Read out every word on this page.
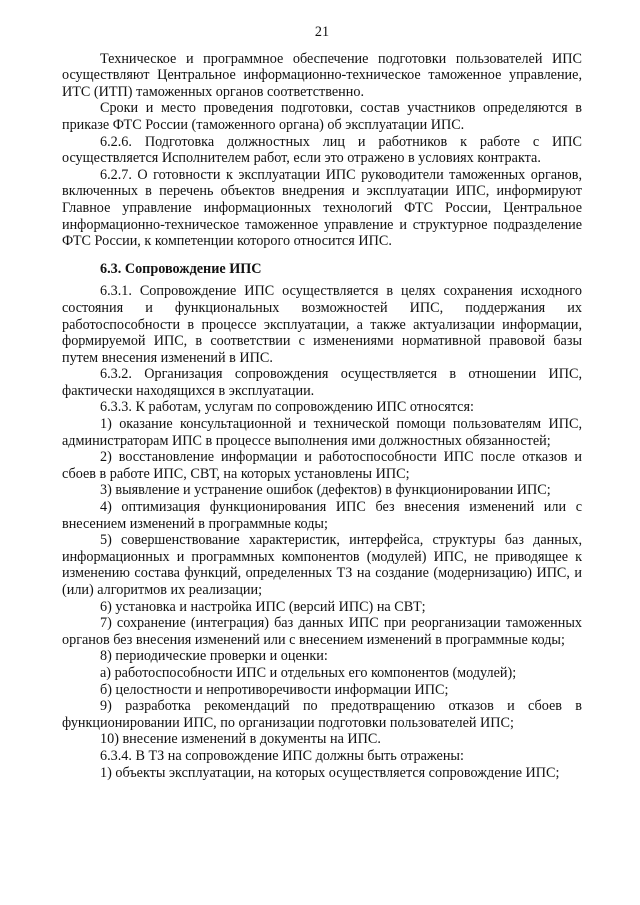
21

Техническое и программное обеспечение подготовки пользователей ИПС осуществляют Центральное информационно-техническое таможенное управление, ИТС (ИТП) таможенных органов соответственно.

Сроки и место проведения подготовки, состав участников определяются в приказе ФТС России (таможенного органа) об эксплуатации ИПС.

6.2.6. Подготовка должностных лиц и работников к работе с ИПС осуществляется Исполнителем работ, если это отражено в условиях контракта.

6.2.7. О готовности к эксплуатации ИПС руководители таможенных органов, включенных в перечень объектов внедрения и эксплуатации ИПС, информируют Главное управление информационных технологий ФТС России, Центральное информационно-техническое таможенное управление и структурное подразделение ФТС России, к компетенции которого относится ИПС.

6.3. Сопровождение ИПС

6.3.1. Сопровождение ИПС осуществляется в целях сохранения исходного состояния и функциональных возможностей ИПС, поддержания их работоспособности в процессе эксплуатации, а также актуализации информации, формируемой ИПС, в соответствии с изменениями нормативной правовой базы путем внесения изменений в ИПС.

6.3.2. Организация сопровождения осуществляется в отношении ИПС, фактически находящихся в эксплуатации.

6.3.3. К работам, услугам по сопровождению ИПС относятся:

1) оказание консультационной и технической помощи пользователям ИПС, администраторам ИПС в процессе выполнения ими должностных обязанностей;

2) восстановление информации и работоспособности ИПС после отказов и сбоев в работе ИПС, СВТ, на которых установлены ИПС;

3) выявление и устранение ошибок (дефектов) в функционировании ИПС;

4) оптимизация функционирования ИПС без внесения изменений или с внесением изменений в программные коды;

5) совершенствование характеристик, интерфейса, структуры баз данных, информационных и программных компонентов (модулей) ИПС, не приводящее к изменению состава функций, определенных ТЗ на создание (модернизацию) ИПС, и (или) алгоритмов их реализации;

6) установка и настройка ИПС (версий ИПС) на СВТ;

7) сохранение (интеграция) баз данных ИПС при реорганизации таможенных органов без внесения изменений или с внесением изменений в программные коды;

8) периодические проверки и оценки:

а) работоспособности ИПС и отдельных его компонентов (модулей);

б) целостности и непротиворечивости информации ИПС;

9) разработка рекомендаций по предотвращению отказов и сбоев в функционировании ИПС, по организации подготовки пользователей ИПС;

10) внесение изменений в документы на ИПС.

6.3.4. В ТЗ на сопровождение ИПС должны быть отражены:

1) объекты эксплуатации, на которых осуществляется сопровождение ИПС;
